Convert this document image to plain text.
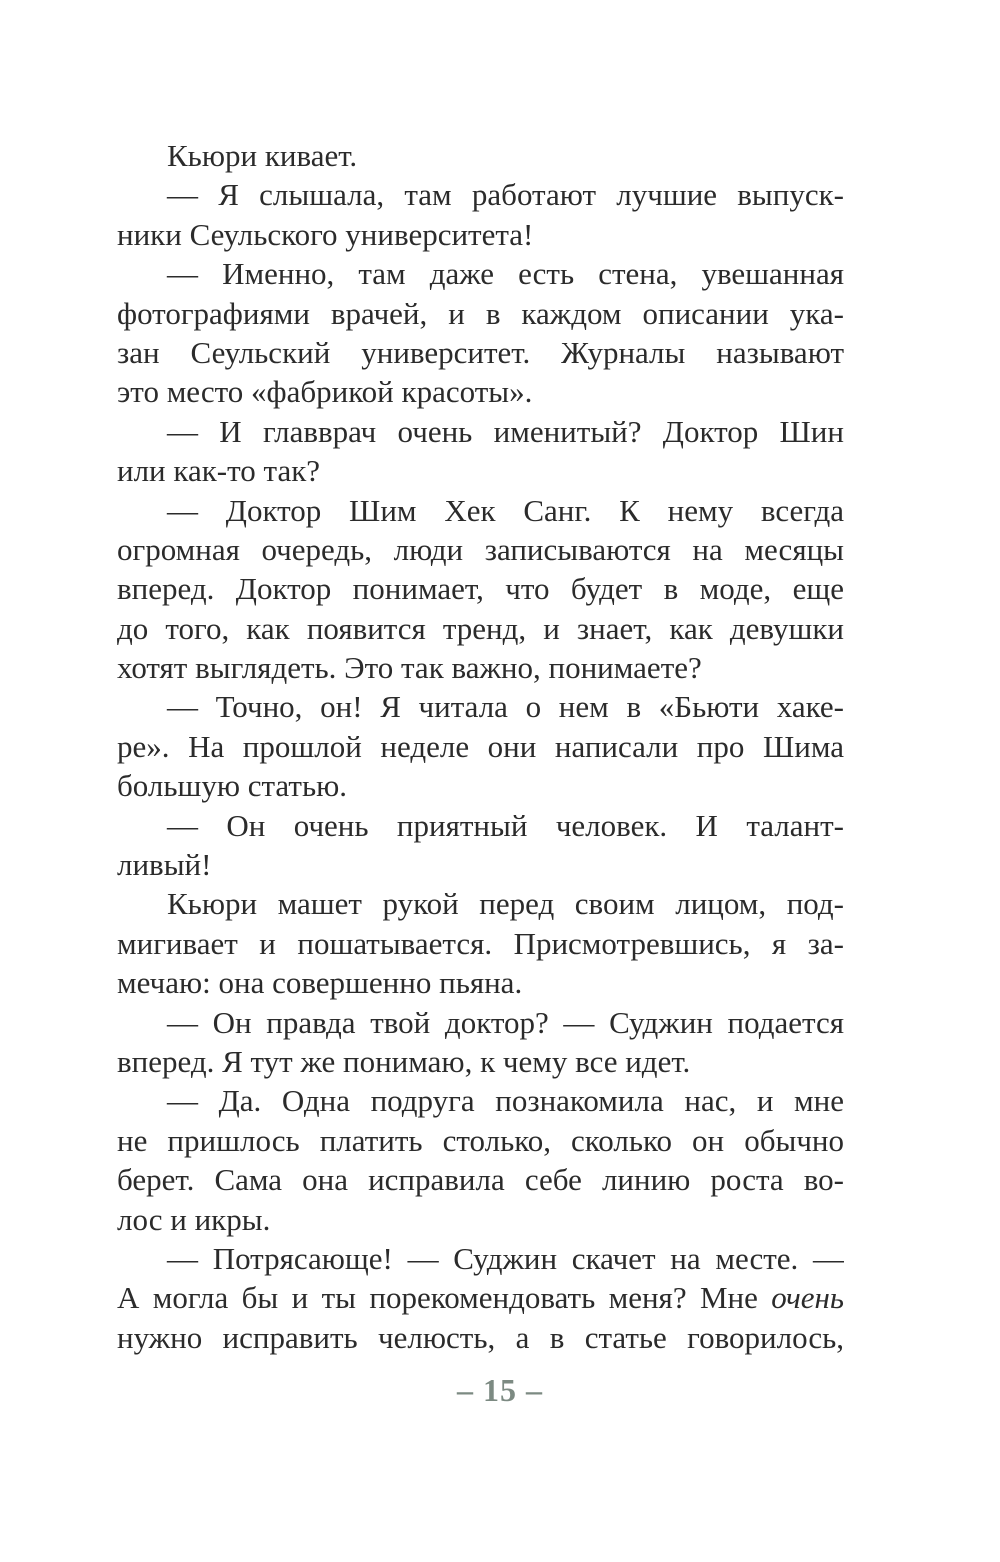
Кьюри кивает.
— Я слышала, там работают лучшие выпуск-
ники Сеульского университета!
— Именно, там даже есть стена, увешанная
фотографиями врачей, и в каждом описании ука-
зан Сеульский университет. Журналы называют
это место «фабрикой красоты».
— И главврач очень именитый? Доктор Шин
или как-то так?
— Доктор Шим Хек Санг. К нему всегда
огромная очередь, люди записываются на месяцы
вперед. Доктор понимает, что будет в моде, еще
до того, как появится тренд, и знает, как девушки
хотят выглядеть. Это так важно, понимаете?
— Точно, он! Я читала о нем в «Бьюти хаке-
ре». На прошлой неделе они написали про Шима
большую статью.
— Он очень приятный человек. И талант-
ливый!
Кьюри машет рукой перед своим лицом, под-
мигивает и пошатывается. Присмотревшись, я за-
мечаю: она совершенно пьяна.
— Он правда твой доктор? — Суджин подается
вперед. Я тут же понимаю, к чему все идет.
— Да. Одна подруга познакомила нас, и мне
не пришлось платить столько, сколько он обычно
берет. Сама она исправила себе линию роста во-
лос и икры.
— Потрясающе! — Суджин скачет на месте. —
А могла бы и ты порекомендовать меня? Мне очень
нужно исправить челюсть, а в статье говорилось,
– 15 –
